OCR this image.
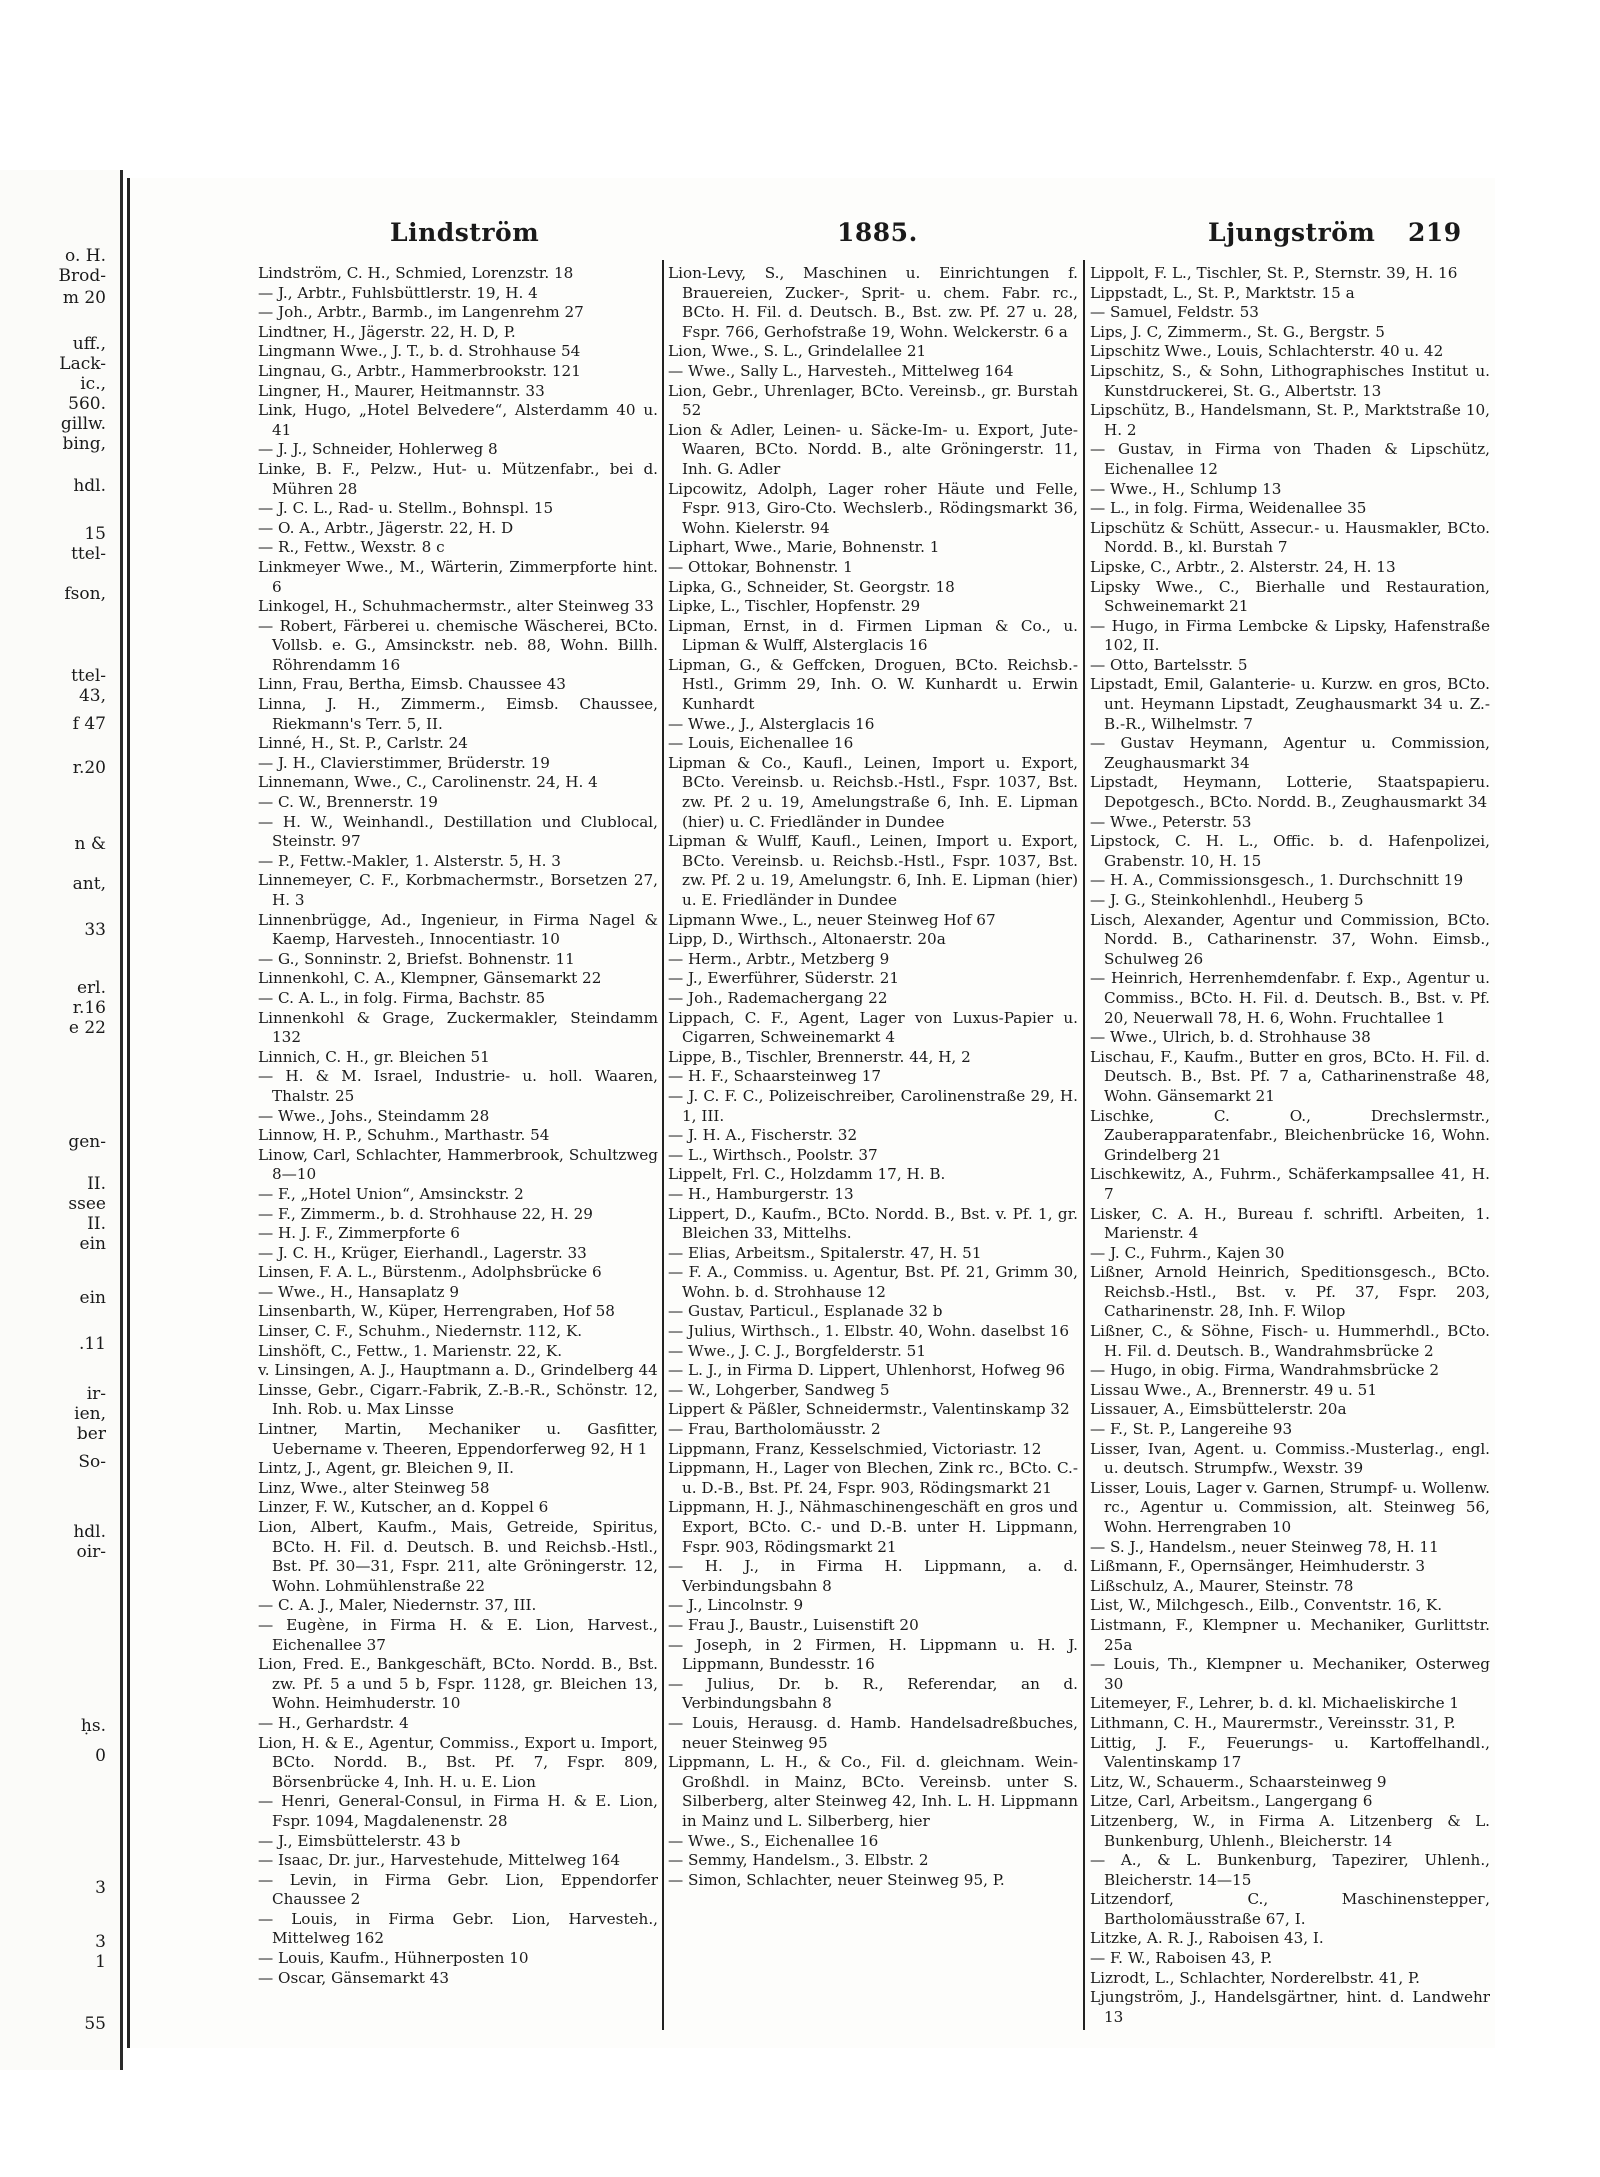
o. H.
Brod-
m 20
uff.,
Lack-
ic.,
560.
gillw.
bing,
hdl.
15
ttel-
fson,
ttel-
43,
f 47
r.20
n &
ant,
33
erl.
r.16
e 22
gen-
II.
ssee
II.
ein
ein
.11
ir-
ien,
ber
So-
hdl.
oir-
ḥs.
0
3
3
1
55
Lindström	1885.	Ljungström 219

Lindström, C. H., Schmied, Lorenzstr. 18

— J., Arbtr., Fuhlsbüttlerstr. 19, H. 4

— Joh., Arbtr., Barmb., im Langenrehm 27

Lindtner, H., Jägerstr. 22, H. D, P.

Lingmann Wwe., J. T., b. d. Strohhause 54

Lingnau, G., Arbtr., Hammerbrookstr. 121

Lingner, H., Maurer, Heitmannstr. 33

Link, Hugo, „Hotel Belvedere“, Alsterdamm 40 u. 41

— J. J., Schneider, Hohlerweg 8

Linke, B. F., Pelzw., Hut- u. Mützenfabr., bei d. Mühren 28

— J. C. L., Rad- u. Stellm., Bohnspl. 15

— O. A., Arbtr., Jägerstr. 22, H. D

— R., Fettw., Wexstr. 8 c

Linkmeyer Wwe., M., Wärterin, Zimmerpforte hint. 6

Linkogel, H., Schuhmachermstr., alter Steinweg 33

— Robert, Färberei u. chemische Wäscherei, BCto. Vollsb. e. G., Amsinckstr. neb. 88, Wohn. Billh. Röhrendamm 16

Linn, Frau, Bertha, Eimsb. Chaussee 43

Linna, J. H., Zimmerm., Eimsb. Chaussee, Riekmann's Terr. 5, II.

Linné, H., St. P., Carlstr. 24

— J. H., Clavierstimmer, Brüderstr. 19

Linnemann, Wwe., C., Carolinenstr. 24, H. 4

— C. W., Brennerstr. 19

— H. W., Weinhandl., Destillation und Clublocal, Steinstr. 97

— P., Fettw.-Makler, 1. Alsterstr. 5, H. 3

Linnemeyer, C. F., Korbmachermstr., Borsetzen 27, H. 3

Linnenbrügge, Ad., Ingenieur, in Firma Nagel & Kaemp, Harvestеh., Innocentiastr. 10

— G., Sonninstr. 2, Briefst. Bohnenstr. 11

Linnenkohl, C. A., Klempner, Gänsemarkt 22

— C. A. L., in folg. Firma, Bachstr. 85

Linnenkohl & Grage, Zuckermakler, Steindamm 132

Linnich, C. H., gr. Bleichen 51

— H. & M. Israel, Industrie- u. holl. Waaren, Thalstr. 25

— Wwe., Johs., Steindamm 28

Linnow, H. P., Schuhm., Marthastr. 54

Linow, Carl, Schlachter, Hammerbrook, Schultzweg 8—10

— F., „Hotel Union“, Amsinckstr. 2

— F., Zimmerm., b. d. Strohhause 22, H. 29

— H. J. F., Zimmerpforte 6

— J. C. H., Krüger, Eierhandl., Lagerstr. 33

Linsen, F. A. L., Bürstenm., Adolphsbrücke 6

— Wwe., H., Hansaplatz 9

Linsenbarth, W., Küper, Herrengraben, Hof 58

Linser, C. F., Schuhm., Niedernstr. 112, K.

Linshöft, C., Fettw., 1. Marienstr. 22, K.

v. Linsingen, A. J., Hauptmann a. D., Grindelberg 44

Linsse, Gebr., Cigarr.-Fabrik, Z.-B.-R., Schönstr. 12, Inh. Rob. u. Max Linsse

Lintner, Martin, Mechaniker u. Gasfitter, Uebername v. Theeren, Eppendorferweg 92, H 1

Lintz, J., Agent, gr. Bleichen 9, II.

Linz, Wwe., alter Steinweg 58

Linzer, F. W., Kutscher, an d. Koppel 6

Lion, Albert, Kaufm., Mais, Getreide, Spiritus, BCto. H. Fil. d. Deutsch. B. und Reichsb.-Hstl., Bst. Pf. 30—31, Fspr. 211, alte Gröningerstr. 12, Wohn. Lohmühlenstraße 22

— C. A. J., Maler, Niedernstr. 37, III.

— Eugène, in Firma H. & E. Lion, Harvest., Eichenallee 37

Lion, Fred. E., Bankgeschäft, BCto. Nordd. B., Bst. zw. Pf. 5 a und 5 b, Fspr. 1128, gr. Bleichen 13, Wohn. Heimhuderstr. 10

— H., Gerhardstr. 4

Lion, H. & E., Agentur, Commiss., Export u. Import, BCto. Nordd. B., Bst. Pf. 7, Fspr. 809, Börsenbrücke 4, Inh. H. u. E. Lion

— Henri, General-Consul, in Firma H. & E. Lion, Fspr. 1094, Magdalenenstr. 28

— J., Eimsbüttelerstr. 43 b

— Isaac, Dr. jur., Harvestehude, Mittelweg 164

— Levin, in Firma Gebr. Lion, Eppendorfer Chaussee 2

— Louis, in Firma Gebr. Lion, Harvesteh., Mittelweg 162

— Louis, Kaufm., Hühnerposten 10

— Oscar, Gänsemarkt 43

Lion-Levy, S., Maschinen u. Einrichtungen f. Brauereien, Zucker-, Sprit- u. chem. Fabr. rc., BCto. H. Fil. d. Deutsch. B., Bst. zw. Pf. 27 u. 28, Fspr. 766, Gerhofstraße 19, Wohn. Welckerstr. 6 a

Lion, Wwe., S. L., Grindelallee 21

— Wwe., Sally L., Harvesteh., Mittelweg 164

Lion, Gebr., Uhrenlager, BCto. Vereinsb., gr. Burstah 52

Lion & Adler, Leinen- u. Säcke-Im- u. Export, Jute-Waaren, BCto. Nordd. B., alte Gröningerstr. 11, Inh. G. Adler

Lipcowitz, Adolph, Lager roher Häute und Felle, Fspr. 913, Giro-Cto. Wechslerb., Rödingsmarkt 36, Wohn. Kielerstr. 94

Liphart, Wwe., Marie, Bohnenstr. 1

— Ottokar, Bohnenstr. 1

Lipka, G., Schneider, St. Georgstr. 18

Lipke, L., Tischler, Hopfenstr. 29

Lipman, Ernst, in d. Firmen Lipman & Co., u. Lipman & Wulff, Alsterglacis 16

Lipman, G., & Geffcken, Droguen, BCto. Reichsb.-Hstl., Grimm 29, Inh. O. W. Kunhardt u. Erwin Kunhardt

— Wwe., J., Alsterglacis 16

— Louis, Eichenallee 16

Lipman & Co., Kaufl., Leinen, Import u. Export, BCto. Vereinsb. u. Reichsb.-Hstl., Fspr. 1037, Bst. zw. Pf. 2 u. 19, Amelungstraße 6, Inh. E. Lipman (hier) u. C. Friedländer in Dundee

Lipman & Wulff, Kaufl., Leinen, Import u. Export, BCto. Vereinsb. u. Reichsb.-Hstl., Fspr. 1037, Bst. zw. Pf. 2 u. 19, Amelungstr. 6, Inh. E. Lipman (hier) u. E. Friedländer in Dundee

Lipmann Wwe., L., neuer Steinweg Hof 67

Lipp, D., Wirthsch., Altonaerstr. 20a

— Herm., Arbtr., Metzberg 9

— J., Ewerführer, Süderstr. 21

— Joh., Rademachergang 22

Lippach, C. F., Agent, Lager von Luxus-Papier u. Cigarren, Schweinemarkt 4

Lippe, B., Tischler, Brennerstr. 44, H, 2

— H. F., Schaarsteinweg 17

— J. C. F. C., Polizeischreiber, Carolinenstraße 29, H. 1, III.

— J. H. A., Fischerstr. 32

— L., Wirthsch., Poolstr. 37

Lippelt, Frl. C., Holzdamm 17, H. B.

— H., Hamburgerstr. 13

Lippert, D., Kaufm., BCto. Nordd. B., Bst. v. Pf. 1, gr. Bleichen 33, Mittelhs.

— Elias, Arbeitsm., Spitalerstr. 47, H. 51

— F. A., Commiss. u. Agentur, Bst. Pf. 21, Grimm 30, Wohn. b. d. Strohhause 12

— Gustav, Particul., Esplanade 32 b

— Julius, Wirthsch., 1. Elbstr. 40, Wohn. daselbst 16

— Wwe., J. C. J., Borgfelderstr. 51

— L. J., in Firma D. Lippert, Uhlenhorst, Hofweg 96

— W., Lohgerber, Sandweg 5

Lippert & Päßler, Schneidermstr., Valentinskamp 32

— Frau, Bartholomäusstr. 2

Lippmann, Franz, Kesselschmied, Victoriastr. 12

Lippmann, H., Lager von Blechen, Zink rc., BCto. C.- u. D.-B., Bst. Pf. 24, Fspr. 903, Rödingsmarkt 21

Lippmann, H. J., Nähmaschinengeschäft en gros und Export, BCto. C.- und D.-B. unter H. Lippmann, Fspr. 903, Rödingsmarkt 21

— H. J., in Firma H. Lippmann, a. d. Verbindungsbahn 8

— J., Lincolnstr. 9

— Frau J., Baustr., Luisenstift 20

— Joseph, in 2 Firmen, H. Lippmann u. H. J. Lippmann, Bundesstr. 16

— Julius, Dr. b. R., Referendar, an d. Verbindungsbahn 8

— Louis, Herausg. d. Hamb. Handelsadreßbuches, neuer Steinweg 95

Lippmann, L. H., & Co., Fil. d. gleichnam. Wein-Großhdl. in Mainz, BCto. Vereinsb. unter S. Silberberg, alter Steinweg 42, Inh. L. H. Lippmann in Mainz und L. Silberberg, hier

— Wwe., S., Eichenallee 16

— Semmy, Handelsm., 3. Elbstr. 2

— Simon, Schlachter, neuer Steinweg 95, P.

Lippolt, F. L., Tischler, St. P., Sternstr. 39, H. 16

Lippstadt, L., St. P., Marktstr. 15 a

— Samuel, Feldstr. 53

Lips, J. C, Zimmerm., St. G., Bergstr. 5

Lipschitz Wwe., Louis, Schlachterstr. 40 u. 42

Lipschitz, S., & Sohn, Lithographisches Institut u. Kunstdruckerei, St. G., Albertstr. 13

Lipschütz, B., Handelsmann, St. P., Marktstraße 10, H. 2

— Gustav, in Firma von Thaden & Lipschütz, Eichenallee 12

— Wwe., H., Schlump 13

— L., in folg. Firma, Weidenallee 35

Lipschütz & Schütt, Assecur.- u. Hausmakler, BCto. Nordd. B., kl. Burstah 7

Lipske, C., Arbtr., 2. Alsterstr. 24, H. 13

Lipsky Wwe., C., Bierhalle und Restauration, Schweinemarkt 21

— Hugo, in Firma Lembcke & Lipsky, Hafenstraße 102, II.

— Otto, Bartelsstr. 5

Lipstadt, Emil, Galanterie- u. Kurzw. en gros, BCto. unt. Heymann Lipstadt, Zeughausmarkt 34 u. Z.-B.-R., Wilhelmstr. 7

— Gustav Heymann, Agentur u. Commission, Zeughausmarkt 34

Lipstadt, Heymann, Lotterie, Staatspapieru. Depotgesch., BCto. Nordd. B., Zeughausmarkt 34

— Wwe., Peterstr. 53

Lipstock, C. H. L., Offic. b. d. Hafenpolizei, Grabenstr. 10, H. 15

— H. A., Commissionsgesch., 1. Durchschnitt 19

— J. G., Steinkohlenhdl., Heuberg 5

Lisch, Alexander, Agentur und Commission, BCto. Nordd. B., Catharinenstr. 37, Wohn. Eimsb., Schulweg 26

— Heinrich, Herrenhemdenfabr. f. Exp., Agentur u. Commiss., BCto. H. Fil. d. Deutsch. B., Bst. v. Pf. 20, Neuerwall 78, H. 6, Wohn. Fruchtallee 1

— Wwe., Ulrich, b. d. Strohhause 38

Lischau, F., Kaufm., Butter en gros, BCto. H. Fil. d. Deutsch. B., Bst. Pf. 7 a, Catharinenstraße 48, Wohn. Gänsemarkt 21

Lischke, C. O., Drechslermstr., Zauberapparatenfabr., Bleichenbrücke 16, Wohn. Grindelberg 21

Lischkewitz, A., Fuhrm., Schäferkampsallee 41, H. 7

Lisker, C. A. H., Bureau f. schriftl. Arbeiten, 1. Marienstr. 4

— J. C., Fuhrm., Kajen 30

Lißner, Arnold Heinrich, Speditionsgesch., BCto. Reichsb.-Hstl., Bst. v. Pf. 37, Fspr. 203, Catharinenstr. 28, Inh. F. Wilop

Lißner, C., & Söhne, Fisch- u. Hummerhdl., BCto. H. Fil. d. Deutsch. B., Wandrahmsbrücke 2

— Hugo, in obig. Firma, Wandrahmsbrücke 2

Lissau Wwe., A., Brennerstr. 49 u. 51

Lissauer, A., Eimsbüttelerstr. 20a

— F., St. P., Langereihe 93

Lisser, Ivan, Agent. u. Commiss.-Musterlag., engl. u. deutsch. Strumpfw., Wexstr. 39

Lisser, Louis, Lager v. Garnen, Strumpf- u. Wollenw. rc., Agentur u. Commission, alt. Steinweg 56, Wohn. Herrengraben 10

— S. J., Handelsm., neuer Steinweg 78, H. 11

Lißmann, F., Opernsänger, Heimhuderstr. 3

Lißschulz, A., Maurer, Steinstr. 78

List, W., Milchgesch., Eilb., Conventstr. 16, K.

Listmann, F., Klempner u. Mechaniker, Gurlittstr. 25a

— Louis, Th., Klempner u. Mechaniker, Osterweg 30

Litemeyer, F., Lehrer, b. d. kl. Michaeliskirche 1

Lithmann, C. H., Maurermstr., Vereinsstr. 31, P.

Littig, J. F., Feuerungs- u. Kartoffelhandl., Valentinskamp 17

Litz, W., Schauerm., Schaarsteinweg 9

Litze, Carl, Arbeitsm., Langergang 6

Litzenberg, W., in Firma A. Litzenberg & L. Bunkenburg, Uhlenh., Bleicherstr. 14

— A., & L. Bunkenburg, Tapezirer, Uhlenh., Bleicherstr. 14—15

Litzendorf, C., Maschinensteppeг, Bartholomäusstraße 67, I.

Litzke, A. R. J., Raboisen 43, I.

— F. W., Raboisen 43, P.

Lizrodt, L., Schlachter, Norderelbstr. 41, P.

Ljungström, J., Handelsgärtner, hint. d. Landwehr 13
